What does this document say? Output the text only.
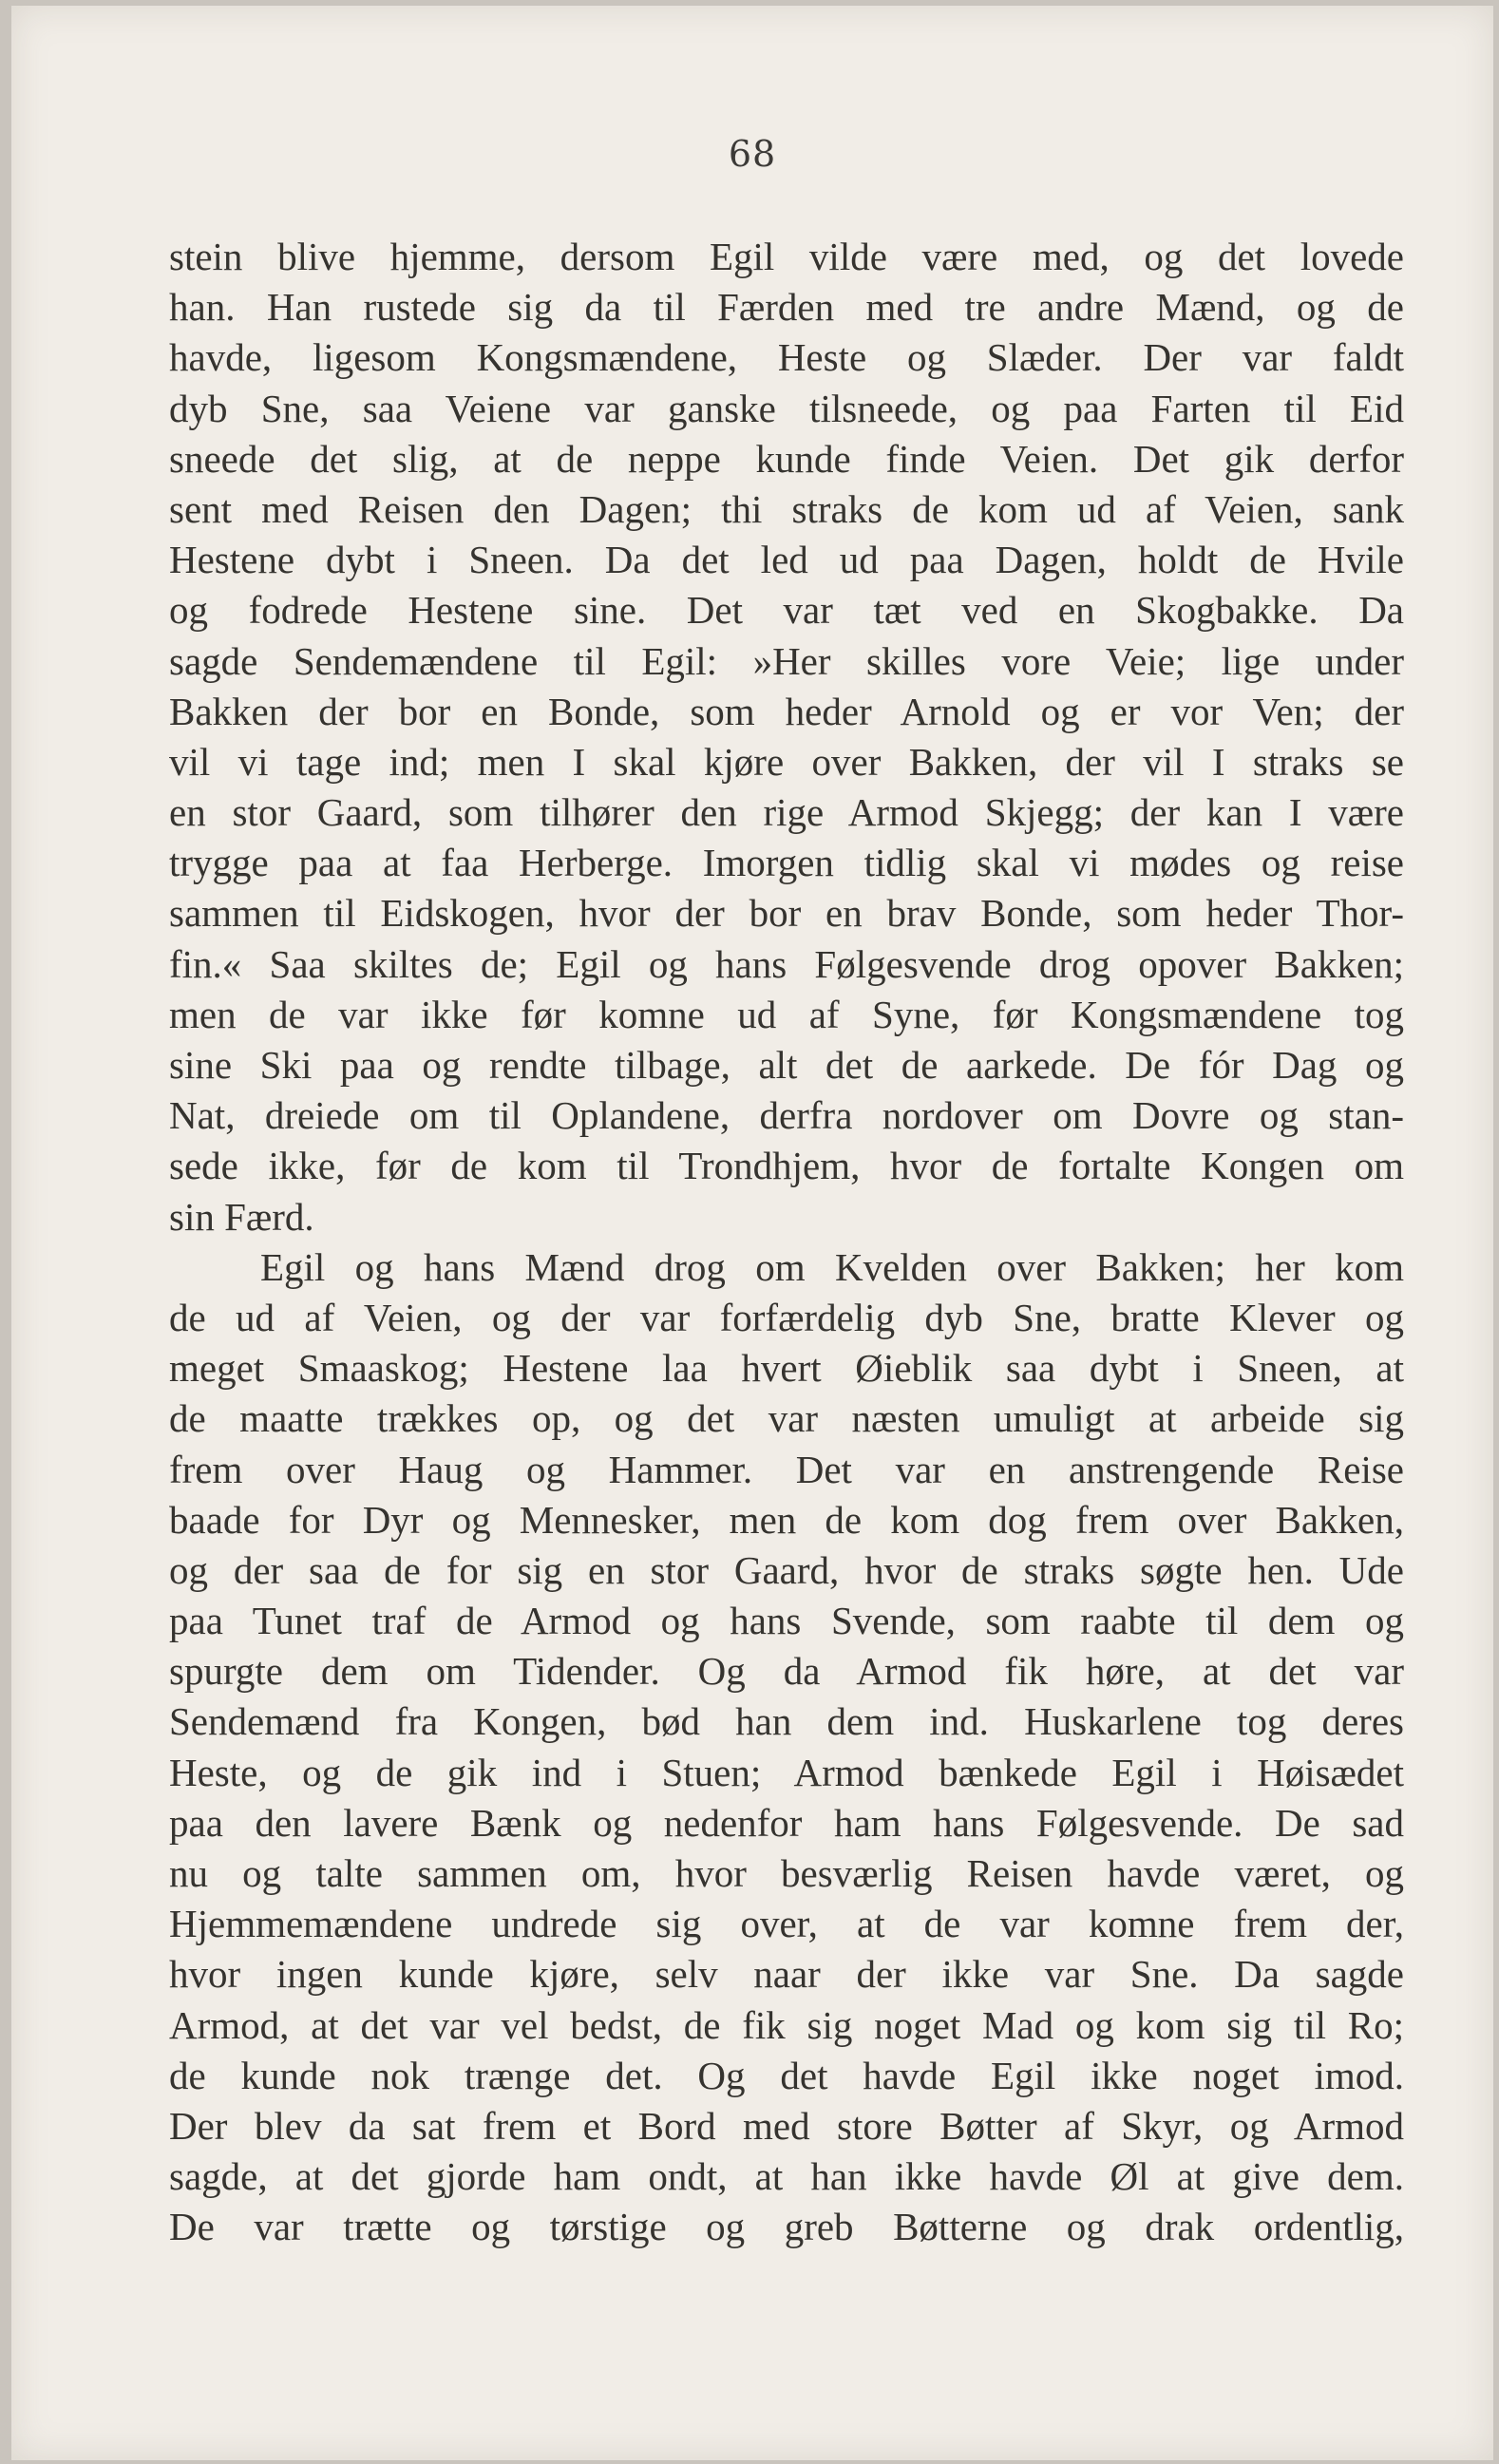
68
stein blive hjemme, dersom Egil vilde være med, og det lovede
han. Han rustede sig da til Færden med tre andre Mænd, og de
havde, ligesom Kongsmændene, Heste og Slæder. Der var faldt
dyb Sne, saa Veiene var ganske tilsneede, og paa Farten til Eid
sneede det slig, at de neppe kunde finde Veien. Det gik derfor
sent med Reisen den Dagen; thi straks de kom ud af Veien, sank
Hestene dybt i Sneen. Da det led ud paa Dagen, holdt de Hvile
og fodrede Hestene sine. Det var tæt ved en Skogbakke. Da
sagde Sendemændene til Egil: »Her skilles vore Veie; lige under
Bakken der bor en Bonde, som heder Arnold og er vor Ven; der
vil vi tage ind; men I skal kjøre over Bakken, der vil I straks se
en stor Gaard, som tilhører den rige Armod Skjegg; der kan I være
trygge paa at faa Herberge. Imorgen tidlig skal vi mødes og reise
sammen til Eidskogen, hvor der bor en brav Bonde, som heder Thor-
fin.« Saa skiltes de; Egil og hans Følgesvende drog opover Bakken;
men de var ikke før komne ud af Syne, før Kongsmændene tog
sine Ski paa og rendte tilbage, alt det de aarkede. De fór Dag og
Nat, dreiede om til Oplandene, derfra nordover om Dovre og stan-
sede ikke, før de kom til Trondhjem, hvor de fortalte Kongen om
sin Færd.
Egil og hans Mænd drog om Kvelden over Bakken; her kom
de ud af Veien, og der var forfærdelig dyb Sne, bratte Klever og
meget Smaaskog; Hestene laa hvert Øieblik saa dybt i Sneen, at
de maatte trækkes op, og det var næsten umuligt at arbeide sig
frem over Haug og Hammer. Det var en anstrengende Reise
baade for Dyr og Mennesker, men de kom dog frem over Bakken,
og der saa de for sig en stor Gaard, hvor de straks søgte hen. Ude
paa Tunet traf de Armod og hans Svende, som raabte til dem og
spurgte dem om Tidender. Og da Armod fik høre, at det var
Sendemænd fra Kongen, bød han dem ind. Huskarlene tog deres
Heste, og de gik ind i Stuen; Armod bænkede Egil i Høisædet
paa den lavere Bænk og nedenfor ham hans Følgesvende. De sad
nu og talte sammen om, hvor besværlig Reisen havde været, og
Hjemmemændene undrede sig over, at de var komne frem der,
hvor ingen kunde kjøre, selv naar der ikke var Sne. Da sagde
Armod, at det var vel bedst, de fik sig noget Mad og kom sig til Ro;
de kunde nok trænge det. Og det havde Egil ikke noget imod.
Der blev da sat frem et Bord med store Bøtter af Skyr, og Armod
sagde, at det gjorde ham ondt, at han ikke havde Øl at give dem.
De var trætte og tørstige og greb Bøtterne og drak ordentlig,
